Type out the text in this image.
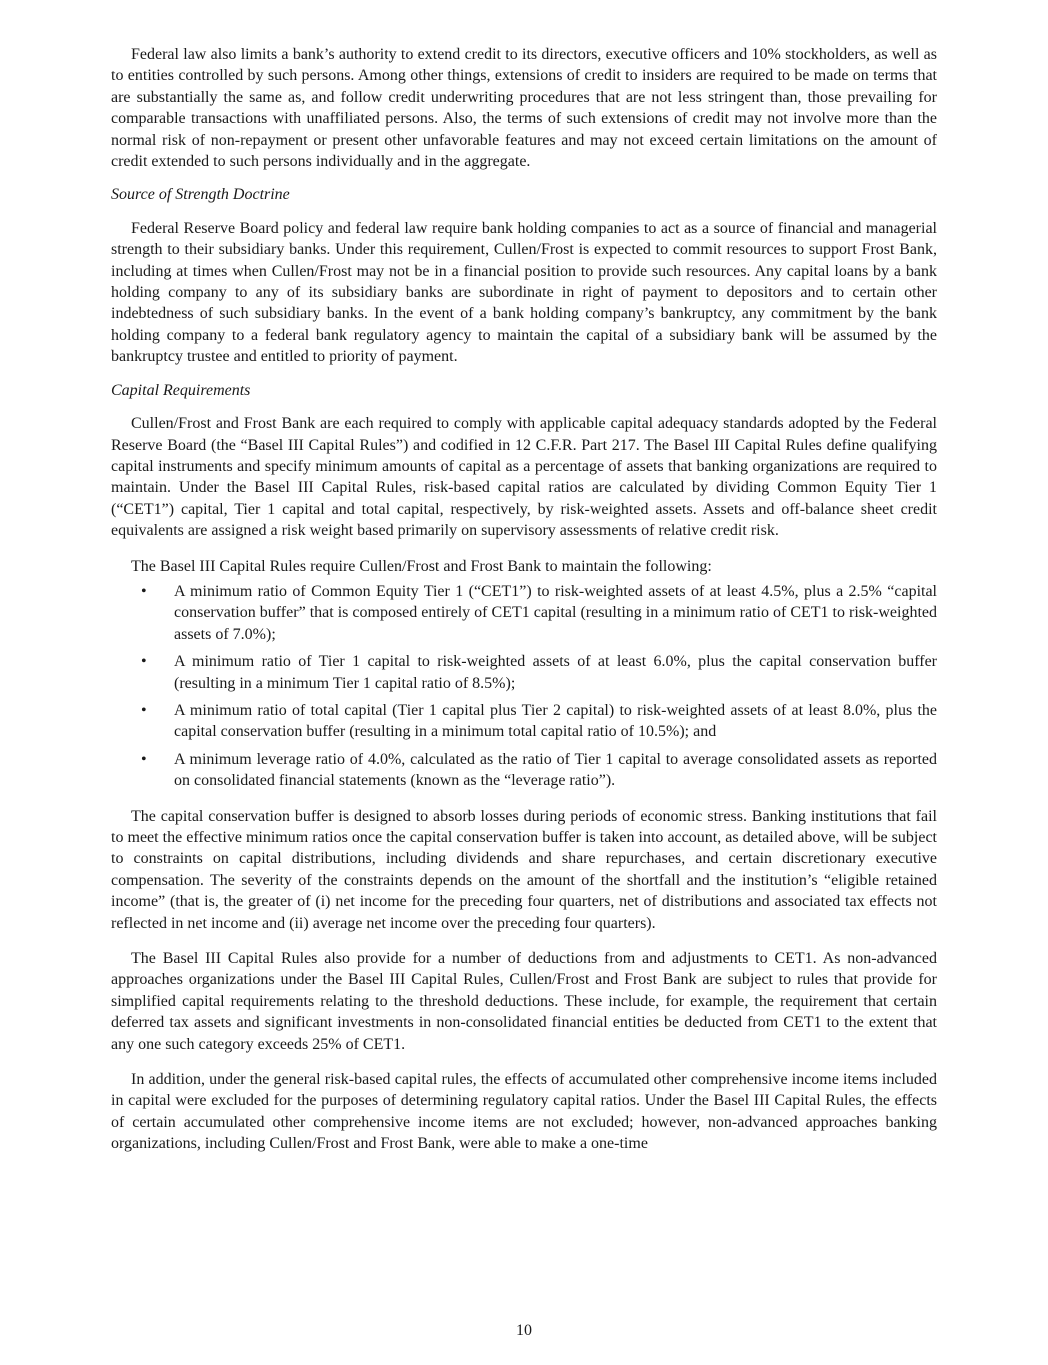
Federal law also limits a bank’s authority to extend credit to its directors, executive officers and 10% stockholders, as well as to entities controlled by such persons. Among other things, extensions of credit to insiders are required to be made on terms that are substantially the same as, and follow credit underwriting procedures that are not less stringent than, those prevailing for comparable transactions with unaffiliated persons. Also, the terms of such extensions of credit may not involve more than the normal risk of non-repayment or present other unfavorable features and may not exceed certain limitations on the amount of credit extended to such persons individually and in the aggregate.

Source of Strength Doctrine

Federal Reserve Board policy and federal law require bank holding companies to act as a source of financial and managerial strength to their subsidiary banks. Under this requirement, Cullen/Frost is expected to commit resources to support Frost Bank, including at times when Cullen/Frost may not be in a financial position to provide such resources. Any capital loans by a bank holding company to any of its subsidiary banks are subordinate in right of payment to depositors and to certain other indebtedness of such subsidiary banks. In the event of a bank holding company’s bankruptcy, any commitment by the bank holding company to a federal bank regulatory agency to maintain the capital of a subsidiary bank will be assumed by the bankruptcy trustee and entitled to priority of payment.

Capital Requirements

Cullen/Frost and Frost Bank are each required to comply with applicable capital adequacy standards adopted by the Federal Reserve Board (the “Basel III Capital Rules”) and codified in 12 C.F.R. Part 217. The Basel III Capital Rules define qualifying capital instruments and specify minimum amounts of capital as a percentage of assets that banking organizations are required to maintain. Under the Basel III Capital Rules, risk-based capital ratios are calculated by dividing Common Equity Tier 1 (“CET1”) capital, Tier 1 capital and total capital, respectively, by risk-weighted assets. Assets and off-balance sheet credit equivalents are assigned a risk weight based primarily on supervisory assessments of relative credit risk.

The Basel III Capital Rules require Cullen/Frost and Frost Bank to maintain the following:

• A minimum ratio of Common Equity Tier 1 (“CET1”) to risk-weighted assets of at least 4.5%, plus a 2.5% “capital conservation buffer” that is composed entirely of CET1 capital (resulting in a minimum ratio of CET1 to risk-weighted assets of 7.0%);
• A minimum ratio of Tier 1 capital to risk-weighted assets of at least 6.0%, plus the capital conservation buffer (resulting in a minimum Tier 1 capital ratio of 8.5%);
• A minimum ratio of total capital (Tier 1 capital plus Tier 2 capital) to risk-weighted assets of at least 8.0%, plus the capital conservation buffer (resulting in a minimum total capital ratio of 10.5%); and
• A minimum leverage ratio of 4.0%, calculated as the ratio of Tier 1 capital to average consolidated assets as reported on consolidated financial statements (known as the “leverage ratio”).

The capital conservation buffer is designed to absorb losses during periods of economic stress. Banking institutions that fail to meet the effective minimum ratios once the capital conservation buffer is taken into account, as detailed above, will be subject to constraints on capital distributions, including dividends and share repurchases, and certain discretionary executive compensation. The severity of the constraints depends on the amount of the shortfall and the institution’s “eligible retained income” (that is, the greater of (i) net income for the preceding four quarters, net of distributions and associated tax effects not reflected in net income and (ii) average net income over the preceding four quarters).

The Basel III Capital Rules also provide for a number of deductions from and adjustments to CET1. As non-advanced approaches organizations under the Basel III Capital Rules, Cullen/Frost and Frost Bank are subject to rules that provide for simplified capital requirements relating to the threshold deductions. These include, for example, the requirement that certain deferred tax assets and significant investments in non-consolidated financial entities be deducted from CET1 to the extent that any one such category exceeds 25% of CET1.

In addition, under the general risk-based capital rules, the effects of accumulated other comprehensive income items included in capital were excluded for the purposes of determining regulatory capital ratios. Under the Basel III Capital Rules, the effects of certain accumulated other comprehensive income items are not excluded; however, non-advanced approaches banking organizations, including Cullen/Frost and Frost Bank, were able to make a one-time

10
